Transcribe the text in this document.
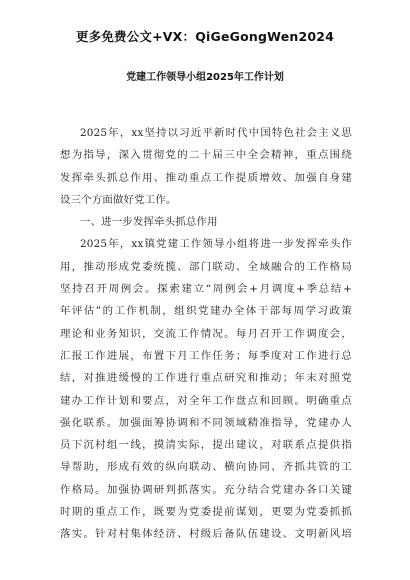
更多免费公文+VX：QiGeGongWen2024
党建工作领导小组2025年工作计划
2025年，xx坚持以习近平新时代中国特色社会主义思
想为指导，深入贯彻党的二十届三中全会精神，重点围绕
发挥牵头抓总作用、推动重点工作提质增效、加强自身建
设三个方面做好党工作。
一、进一步发挥牵头抓总作用
2025年，xx镇党建工作领导小组将进一步发挥牵头作
用，推动形成党委统揽、部门联动、全域融合的工作格局
坚持召开周例会。探索建立“周例会+月调度+季总结+
年评估”的工作机制，组织党建办全体干部每周学习政策
理论和业务知识，交流工作情况。每月召开工作调度会，
汇报工作进展，布置下月工作任务；每季度对工作进行总
结，对推进缓慢的工作进行重点研究和推动；年末对照党
建办工作计划和要点，对全年工作盘点和回顾。明确重点
强化联系。加强面筹协调和不同领域精准指导，党建办人
员下沉村组一线，摸清实际，提出建议，对联系点提供指
导帮助，形成有效的纵向联动、横向协同、齐抓共管的工
作格局。加强协调研判抓落实。充分结合党建办各口关键
时期的重点工作，既要为党委提前谋划，更要为党委抓抓
落实。针对村集体经济、村级后备队伍建设、文明新风培
